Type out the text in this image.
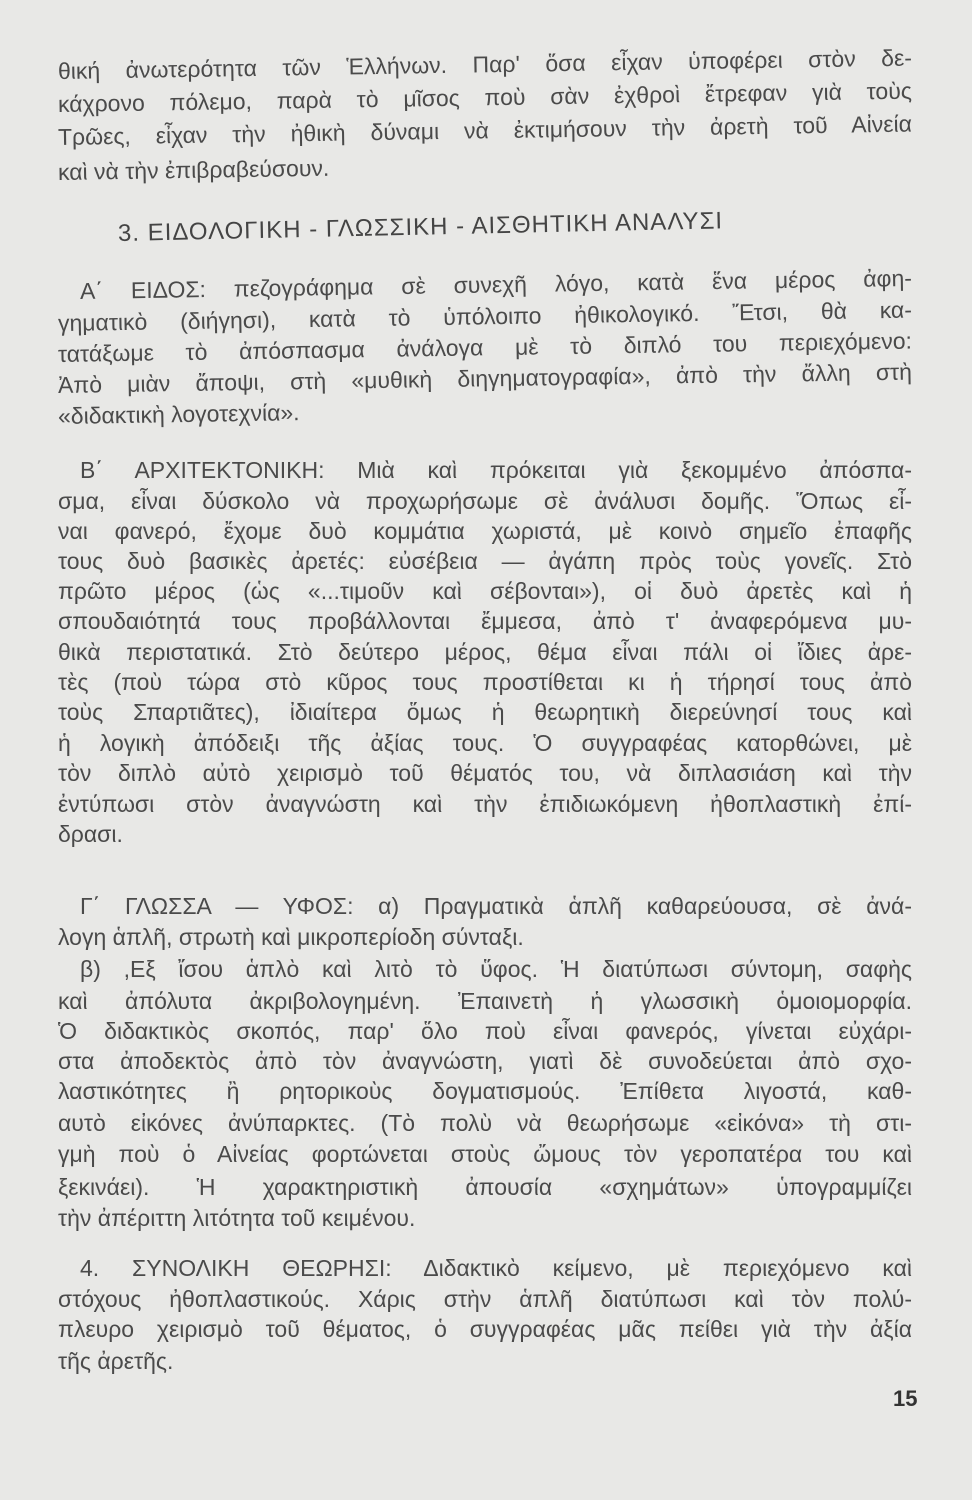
3. ΕΙΔΟΛΟΓΙΚΗ - ΓΛΩΣΣΙΚΗ - ΑΙΣΘΗΤΙΚΗ ΑΝΑΛΥΣΙ
15
θική ἀνωτερότητα τῶν Ἑλλήνων. Παρ' ὅσα εἶχαν ὑποφέρει στὸν δε-
κάχρονο πόλεμο, παρὰ τὸ μῖσος ποὺ σὰν ἐχθροὶ ἔτρεφαν γιὰ τοὺς
Τρῶες, εἶχαν τὴν ἠθικὴ δύναμι νὰ ἐκτιμήσουν τὴν ἀρετὴ τοῦ Αἰνεία
καὶ νὰ τὴν ἐπιβραβεύσουν.
Α΄ ΕΙΔΟΣ: πεζογράφημα σὲ συνεχῆ λόγο, κατὰ ἕνα μέρος ἀφη-
γηματικὸ (διήγησι), κατὰ τὸ ὑπόλοιπο ἠθικολογικό. Ἔτσι, θὰ κα-
τατάξωμε τὸ ἀπόσπασμα ἀνάλογα μὲ τὸ διπλό του περιεχόμενο:
Ἀπὸ μιὰν ἄποψι, στὴ «μυθικὴ διηγηματογραφία», ἀπὸ τὴν ἄλλη στὴ
«διδακτικὴ λογοτεχνία».
Β΄ ΑΡΧΙΤΕΚΤΟΝΙΚΗ: Μιὰ καὶ πρόκειται γιὰ ξεκομμένο ἀπόσπα-
σμα, εἶναι δύσκολο νὰ προχωρήσωμε σὲ ἀνάλυσι δομῆς. Ὅπως εἶ-
ναι φανερό, ἔχομε δυὸ κομμάτια χωριστά, μὲ κοινὸ σημεῖο ἐπαφῆς
τους δυὸ βασικὲς ἀρετές: εὐσέβεια — ἀγάπη πρὸς τοὺς γονεῖς. Στὸ
πρῶτο μέρος (ὡς «...τιμοῦν καὶ σέβονται»), οἱ δυὸ ἀρετὲς καὶ ἡ
σπουδαιότητά τους προβάλλονται ἔμμεσα, ἀπὸ τ' ἀναφερόμενα μυ-
θικὰ περιστατικά. Στὸ δεύτερο μέρος, θέμα εἶναι πάλι οἱ ἴδιες ἀρε-
τὲς (ποὺ τώρα στὸ κῦρος τους προστίθεται κι ἡ τήρησί τους ἀπὸ
τοὺς Σπαρτιᾶτες), ἰδιαίτερα ὅμως ἡ θεωρητικὴ διερεύνησί τους καὶ
ἡ λογικὴ ἀπόδειξι τῆς ἀξίας τους. Ὁ συγγραφέας κατορθώνει, μὲ
τὸν διπλὸ αὐτὸ χειρισμὸ τοῦ θέματός του, νὰ διπλασιάση καὶ τὴν
ἐντύπωσι στὸν ἀναγνώστη καὶ τὴν ἐπιδιωκόμενη ἠθοπλαστικὴ ἐπί-
δρασι.
Γ΄ ΓΛΩΣΣΑ — ΥΦΟΣ: α) Πραγματικὰ ἁπλῆ καθαρεύουσα, σὲ ἀνά-
λογη ἁπλῆ, στρωτὴ καὶ μικροπερίοδη σύνταξι.
β) ,Εξ ἴσου ἁπλὸ καὶ λιτὸ τὸ ὕφος. Ἡ διατύπωσι σύντομη, σαφὴς
καὶ ἀπόλυτα ἀκριβολογημένη. Ἐπαινετὴ ἡ γλωσσικὴ ὁμοιομορφία.
Ὁ διδακτικὸς σκοπός, παρ' ὅλο ποὺ εἶναι φανερός, γίνεται εὐχάρι-
στα ἀποδεκτὸς ἀπὸ τὸν ἀναγνώστη, γιατὶ δὲ συνοδεύεται ἀπὸ σχο-
λαστικότητες ἢ ρητορικοὺς δογματισμούς. Ἐπίθετα λιγοστά, καθ-
αυτὸ εἰκόνες ἀνύπαρκτες. (Τὸ πολὺ νὰ θεωρήσωμε «εἰκόνα» τὴ στι-
γμὴ ποὺ ὁ Αἰνείας φορτώνεται στοὺς ὤμους τὸν γεροπατέρα του καὶ
ξεκινάει). Ἡ χαρακτηριστικὴ ἀπουσία «σχημάτων» ὑπογραμμίζει
τὴν ἀπέριττη λιτότητα τοῦ κειμένου.
4. ΣΥΝΟΛΙΚΗ ΘΕΩΡΗΣΙ: Διδακτικὸ κείμενο, μὲ περιεχόμενο καὶ
στόχους ἠθοπλαστικούς. Χάρις στὴν ἁπλῆ διατύπωσι καὶ τὸν πολύ-
πλευρο χειρισμὸ τοῦ θέματος, ὁ συγγραφέας μᾶς πείθει γιὰ τὴν ἀξία
τῆς ἀρετῆς.
